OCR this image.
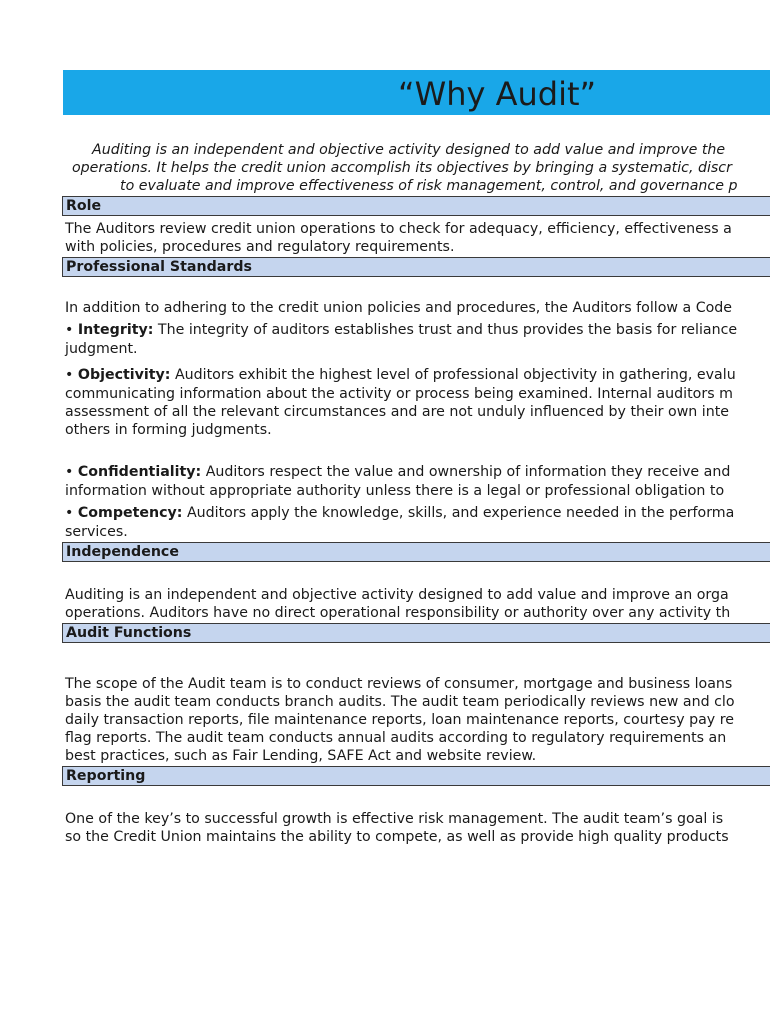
“Why Audit”
Auditing is an independent and objective activity designed to add value and improve the
operations. It helps the credit union accomplish its objectives by bringing a systematic, discr
to evaluate and improve effectiveness of risk management, control, and governance p
Role
The Auditors review credit union operations to check for adequacy, efficiency, effectiveness a
with policies, procedures and regulatory requirements.
Professional Standards
In addition to adhering to the credit union policies and procedures, the Auditors follow a Code
• Integrity: The integrity of auditors establishes trust and thus provides the basis for reliance
judgment.
• Objectivity: Auditors exhibit the highest level of professional objectivity in gathering, evalu
communicating information about the activity or process being examined. Internal auditors m
assessment of all the relevant circumstances and are not unduly influenced by their own inte
others in forming judgments.
• Confidentiality: Auditors respect the value and ownership of information they receive and
information without appropriate authority unless there is a legal or professional obligation to
• Competency: Auditors apply the knowledge, skills, and experience needed in the performa
services.
Independence
Auditing is an independent and objective activity designed to add value and improve an orga
operations. Auditors have no direct operational responsibility or authority over any activity th
Audit Functions
The scope of the Audit team is to conduct reviews of consumer, mortgage and business loans
basis the audit team conducts branch audits. The audit team periodically reviews new and clo
daily transaction reports, file maintenance reports, loan maintenance reports, courtesy pay re
flag reports. The audit team conducts annual audits according to regulatory requirements an
best practices, such as Fair Lending, SAFE Act and website review.
Reporting
One of the key’s to successful growth is effective risk management. The audit team’s goal is
so the Credit Union maintains the ability to compete, as well as provide high quality products
